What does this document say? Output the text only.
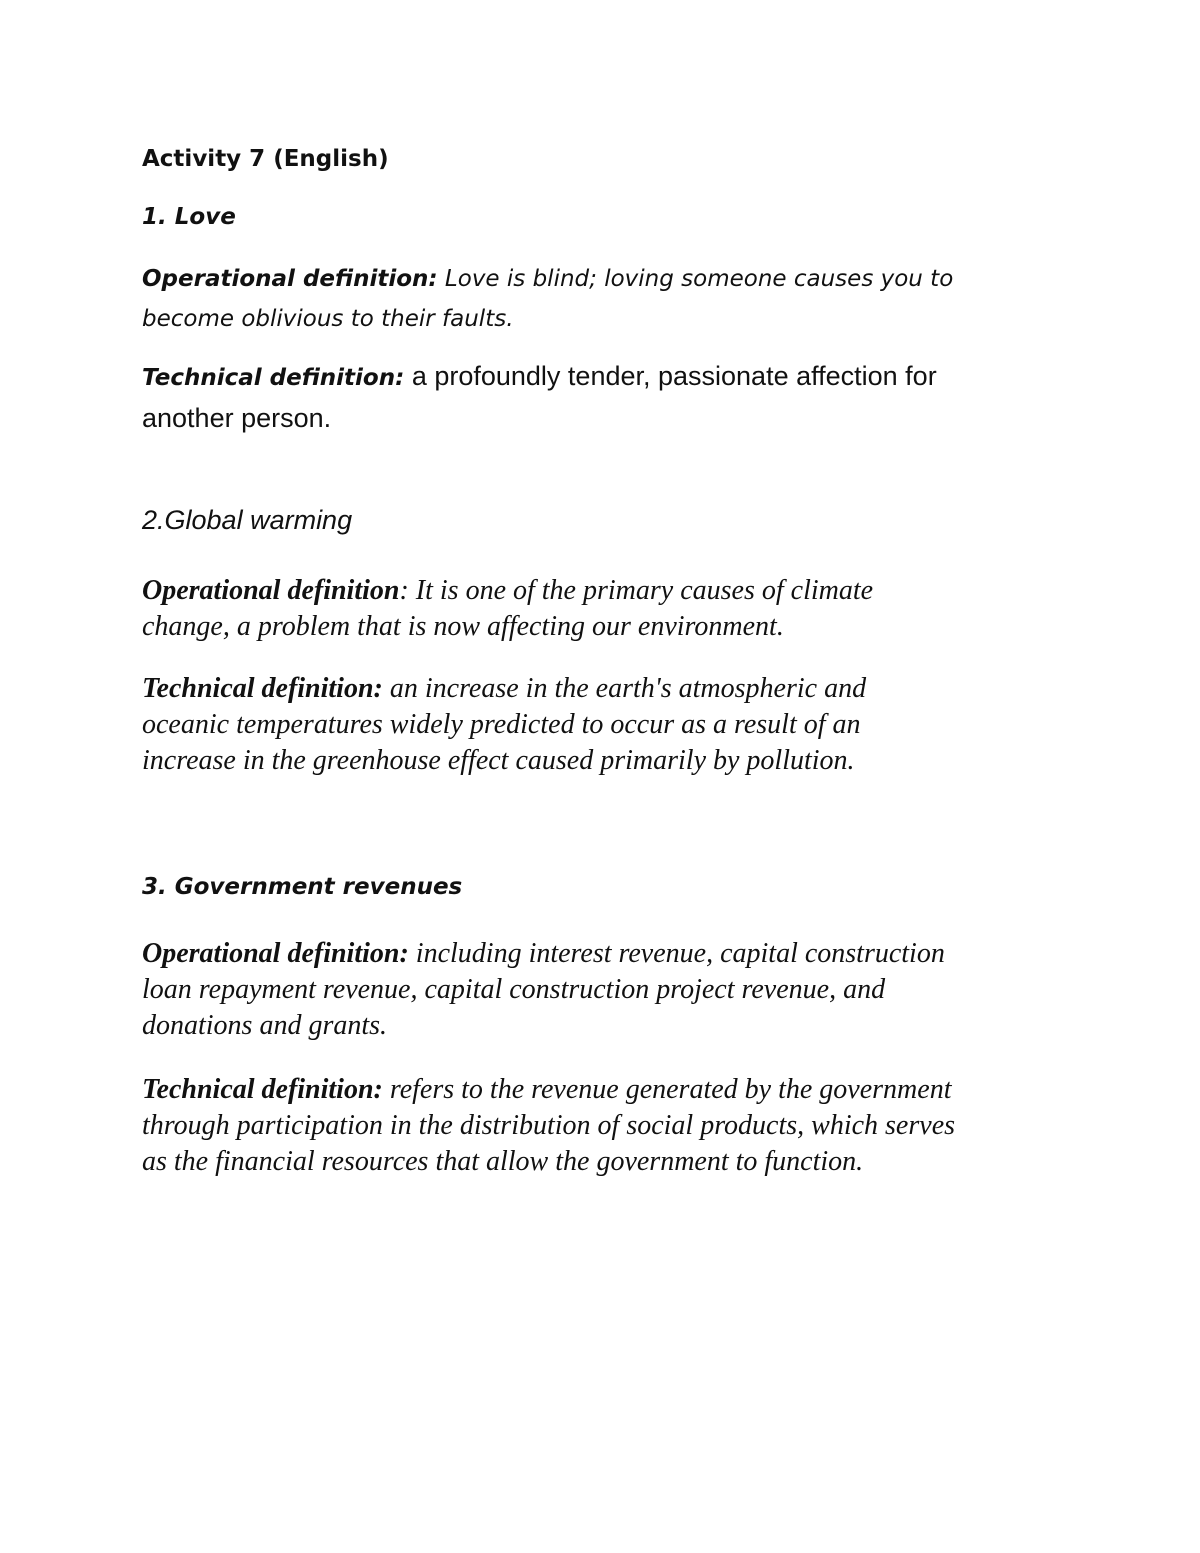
Activity 7 (English)

1. Love

Operational definition: Love is blind; loving someone causes you to
become oblivious to their faults.

Technical definition: a profoundly tender, passionate affection for
another person.

2.Global warming

Operational definition: It is one of the primary causes of climate
change, a problem that is now affecting our environment.

Technical definition: an increase in the earth's atmospheric and
oceanic temperatures widely predicted to occur as a result of an
increase in the greenhouse effect caused primarily by pollution.

3. Government revenues

Operational definition: including interest revenue, capital construction
loan repayment revenue, capital construction project revenue, and
donations and grants.

Technical definition: refers to the revenue generated by the government
through participation in the distribution of social products, which serves
as the financial resources that allow the government to function.
